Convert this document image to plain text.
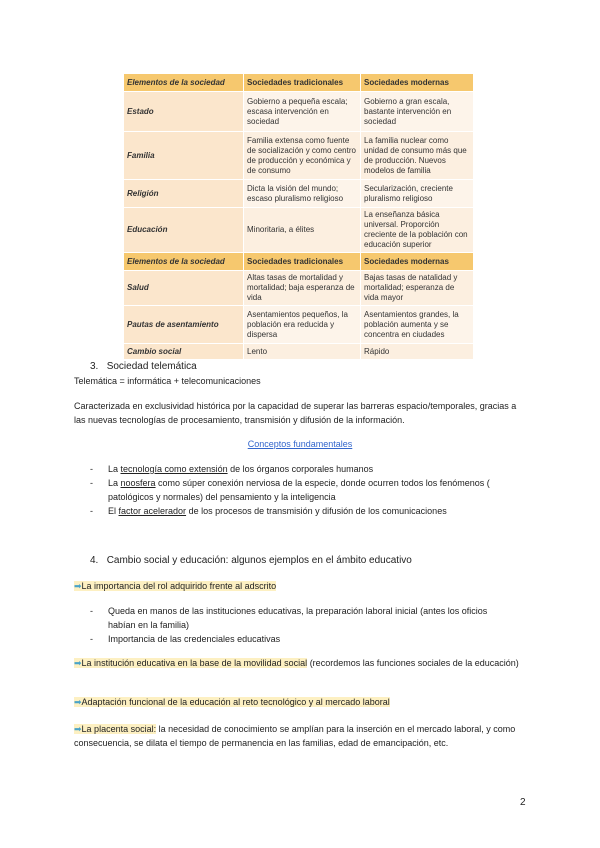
Elementos de la sociedad	Sociedades tradicionales	Sociedades modernas
Estado	Gobierno a pequeña escala; escasa intervención en sociedad	Gobierno a gran escala, bastante intervención en sociedad
Familia	Familia extensa como fuente de socialización y como centro de producción y económica y de consumo	La familia nuclear como unidad de consumo más que de producción. Nuevos modelos de familia
Religión	Dicta la visión del mundo; escaso pluralismo religioso	Secularización, creciente pluralismo religioso
Educación	Minoritaria, a élites	La enseñanza básica universal. Proporción creciente de la población con educación superior
Elementos de la sociedad	Sociedades tradicionales	Sociedades modernas
Salud	Altas tasas de mortalidad y mortalidad; baja esperanza de vida	Bajas tasas de natalidad y mortalidad; esperanza de vida mayor
Pautas de asentamiento	Asentamientos pequeños, la población era reducida y dispersa	Asentamientos grandes, la población aumenta y se concentra en ciudades
Cambio social	Lento	Rápido
3. Sociedad telemática
Telemática = informática + telecomunicaciones
Caracterizada en exclusividad histórica por la capacidad de superar las barreras espacio/temporales, gracias a las nuevas tecnologías de procesamiento, transmisión y difusión de la información.
Conceptos fundamentales
- La tecnología como extensión de los órganos corporales humanos
- La noosfera como súper conexión nerviosa de la especie, donde ocurren todos los fenómenos ( patológicos y normales) del pensamiento y la inteligencia
- El factor acelerador de los procesos de transmisión y difusión de los comunicaciones
4. Cambio social y educación: algunos ejemplos en el ámbito educativo
➡La importancia del rol adquirido frente al adscrito
- Queda en manos de las instituciones educativas, la preparación laboral inicial (antes los oficios habían en la familia)
- Importancia de las credenciales educativas
➡La institución educativa en la base de la movilidad social (recordemos las funciones sociales de la educación)
➡Adaptación funcional de la educación al reto tecnológico y al mercado laboral
➡La placenta social: la necesidad de conocimiento se amplían para la inserción en el mercado laboral, y como consecuencia, se dilata el tiempo de permanencia en las familias, edad de emancipación, etc.
2
